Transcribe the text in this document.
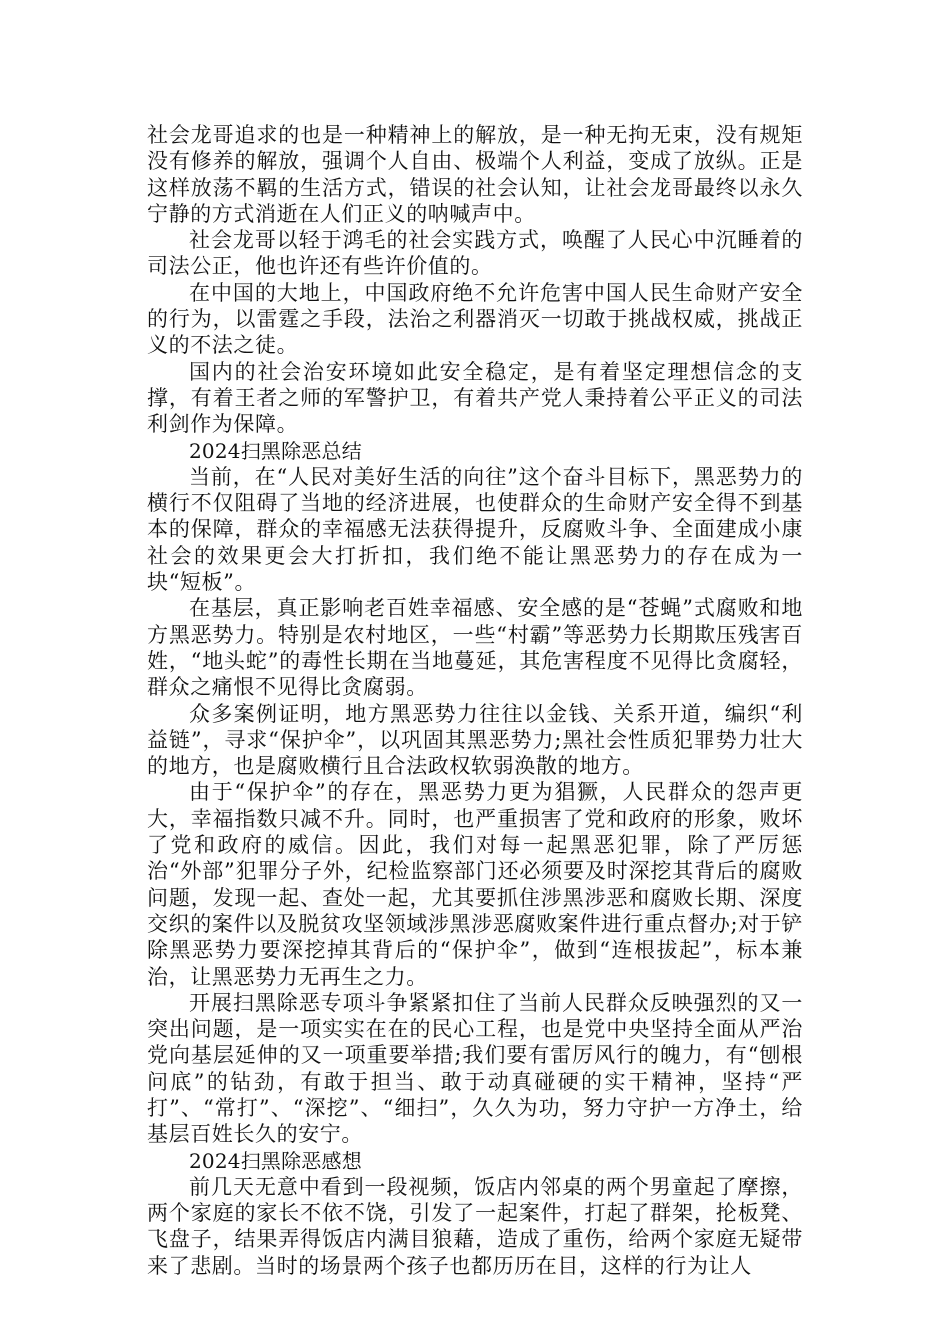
社会龙哥追求的也是一种精神上的解放，是一种无拘无束，没有规矩没有修养的解放，强调个人自由、极端个人利益，变成了放纵。正是这样放荡不羁的生活方式，错误的社会认知，让社会龙哥最终以永久宁静的方式消逝在人们正义的呐喊声中。

社会龙哥以轻于鸿毛的社会实践方式，唤醒了人民心中沉睡着的司法公正，他也许还有些许价值的。

在中国的大地上，中国政府绝不允许危害中国人民生命财产安全的行为，以雷霆之手段，法治之利器消灭一切敢于挑战权威，挑战正义的不法之徒。

国内的社会治安环境如此安全稳定，是有着坚定理想信念的支撑，有着王者之师的军警护卫，有着共产党人秉持着公平正义的司法利剑作为保障。

2024扫黑除恶总结

当前，在“人民对美好生活的向往”这个奋斗目标下，黑恶势力的横行不仅阻碍了当地的经济进展，也使群众的生命财产安全得不到基本的保障，群众的幸福感无法获得提升，反腐败斗争、全面建成小康社会的效果更会大打折扣，我们绝不能让黑恶势力的存在成为一块“短板”。

在基层，真正影响老百姓幸福感、安全感的是“苍蝇”式腐败和地方黑恶势力。特别是农村地区，一些“村霸”等恶势力长期欺压残害百姓，“地头蛇”的毒性长期在当地蔓延，其危害程度不见得比贪腐轻，群众之痛恨不见得比贪腐弱。

众多案例证明，地方黑恶势力往往以金钱、关系开道，编织“利益链”，寻求“保护伞”，以巩固其黑恶势力;黑社会性质犯罪势力壮大的地方，也是腐败横行且合法政权软弱涣散的地方。

由于“保护伞”的存在，黑恶势力更为猖獗，人民群众的怨声更大，幸福指数只减不升。同时，也严重损害了党和政府的形象，败坏了党和政府的威信。因此，我们对每一起黑恶犯罪，除了严厉惩治“外部”犯罪分子外，纪检监察部门还必须要及时深挖其背后的腐败问题，发现一起、查处一起，尤其要抓住涉黑涉恶和腐败长期、深度交织的案件以及脱贫攻坚领域涉黑涉恶腐败案件进行重点督办;对于铲除黑恶势力要深挖掉其背后的“保护伞”，做到“连根拔起”，标本兼治，让黑恶势力无再生之力。

开展扫黑除恶专项斗争紧紧扣住了当前人民群众反映强烈的又一突出问题，是一项实实在在的民心工程，也是党中央坚持全面从严治党向基层延伸的又一项重要举措;我们要有雷厉风行的魄力，有“刨根问底”的钻劲，有敢于担当、敢于动真碰硬的实干精神，坚持“严打”、“常打”、“深挖”、“细扫”，久久为功，努力守护一方净土，给基层百姓长久的安宁。

2024扫黑除恶感想

前几天无意中看到一段视频，饭店内邻桌的两个男童起了摩擦，两个家庭的家长不依不饶，引发了一起案件，打起了群架，抡板凳、飞盘子，结果弄得饭店内满目狼藉，造成了重伤，给两个家庭无疑带来了悲剧。当时的场景两个孩子也都历历在目，这样的行为让人
